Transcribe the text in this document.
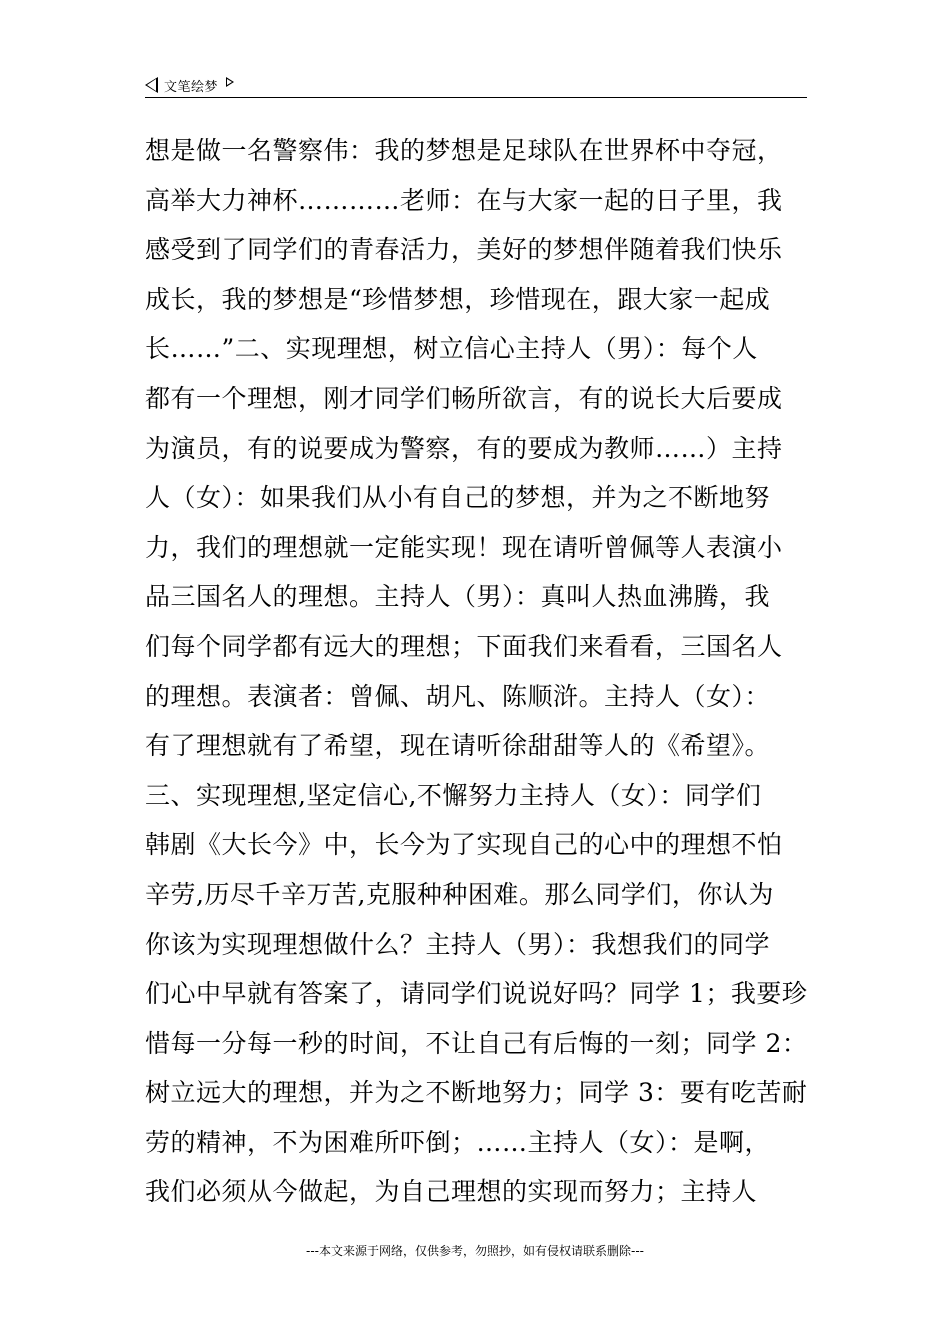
文笔绘梦
想是做一名警察伟：我的梦想是足球队在世界杯中夺冠，
高举大力神杯…………老师：在与大家一起的日子里，我
感受到了同学们的青春活力，美好的梦想伴随着我们快乐
成长，我的梦想是“珍惜梦想，珍惜现在，跟大家一起成
长……”二、实现理想，树立信心主持人（男）：每个人
都有一个理想，刚才同学们畅所欲言，有的说长大后要成
为演员，有的说要成为警察，有的要成为教师……）主持
人（女）：如果我们从小有自己的梦想，并为之不断地努
力，我们的理想就一定能实现！现在请听曾佩等人表演小
品三国名人的理想。主持人（男）：真叫人热血沸腾，我
们每个同学都有远大的理想；下面我们来看看，三国名人
的理想。表演者：曾佩、胡凡、陈顺浒。主持人（女）：
有了理想就有了希望，现在请听徐甜甜等人的《希望》。
三、实现理想,坚定信心,不懈努力主持人（女）：同学们
韩剧《大长今》中，长今为了实现自己的心中的理想不怕
辛劳,历尽千辛万苦,克服种种困难。那么同学们，你认为
你该为实现理想做什么？主持人（男）：我想我们的同学
们心中早就有答案了，请同学们说说好吗？同学 1；我要珍
惜每一分每一秒的时间，不让自己有后悔的一刻；同学 2：
树立远大的理想，并为之不断地努力；同学 3：要有吃苦耐
劳的精神，不为困难所吓倒；……主持人（女）：是啊，
我们必须从今做起，为自己理想的实现而努力；主持人
---本文来源于网络，仅供参考，勿照抄，如有侵权请联系删除---
